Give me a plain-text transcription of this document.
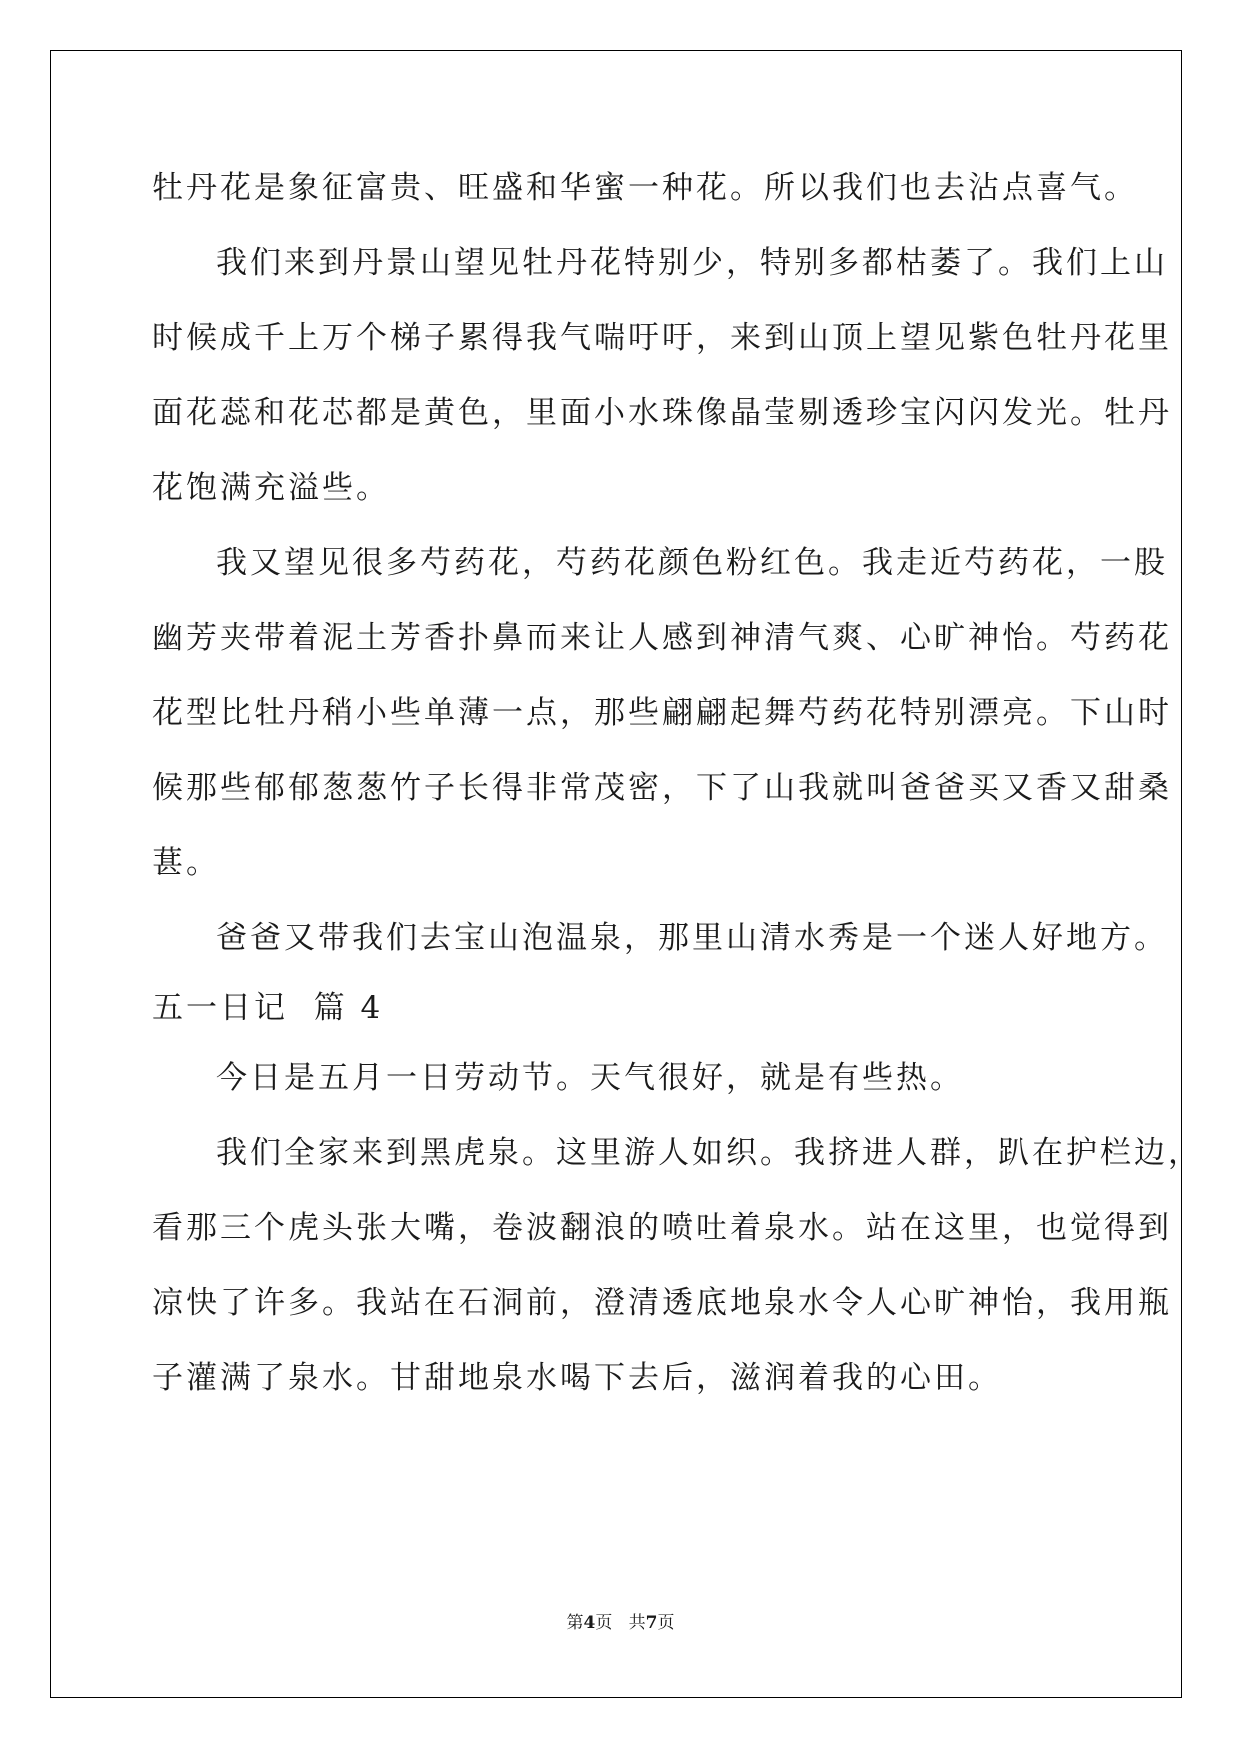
牡丹花是象征富贵、旺盛和华蜜一种花。所以我们也去沾点喜气。
我们来到丹景山望见牡丹花特别少，特别多都枯萎了。我们上山
时候成千上万个梯子累得我气喘吁吁，来到山顶上望见紫色牡丹花里
面花蕊和花芯都是黄色，里面小水珠像晶莹剔透珍宝闪闪发光。牡丹
花饱满充溢些。
我又望见很多芍药花，芍药花颜色粉红色。我走近芍药花，一股
幽芳夹带着泥土芳香扑鼻而来让人感到神清气爽、心旷神怡。芍药花
花型比牡丹稍小些单薄一点，那些翩翩起舞芍药花特别漂亮。下山时
候那些郁郁葱葱竹子长得非常茂密，下了山我就叫爸爸买又香又甜桑
葚。
爸爸又带我们去宝山泡温泉，那里山清水秀是一个迷人好地方。
五一日记  篇 4
今日是五月一日劳动节。天气很好，就是有些热。
我们全家来到黑虎泉。这里游人如织。我挤进人群，趴在护栏边，
看那三个虎头张大嘴，卷波翻浪的喷吐着泉水。站在这里，也觉得到
凉快了许多。我站在石洞前，澄清透底地泉水令人心旷神怡，我用瓶
子灌满了泉水。甘甜地泉水喝下去后，滋润着我的心田。
第4页 共7页
